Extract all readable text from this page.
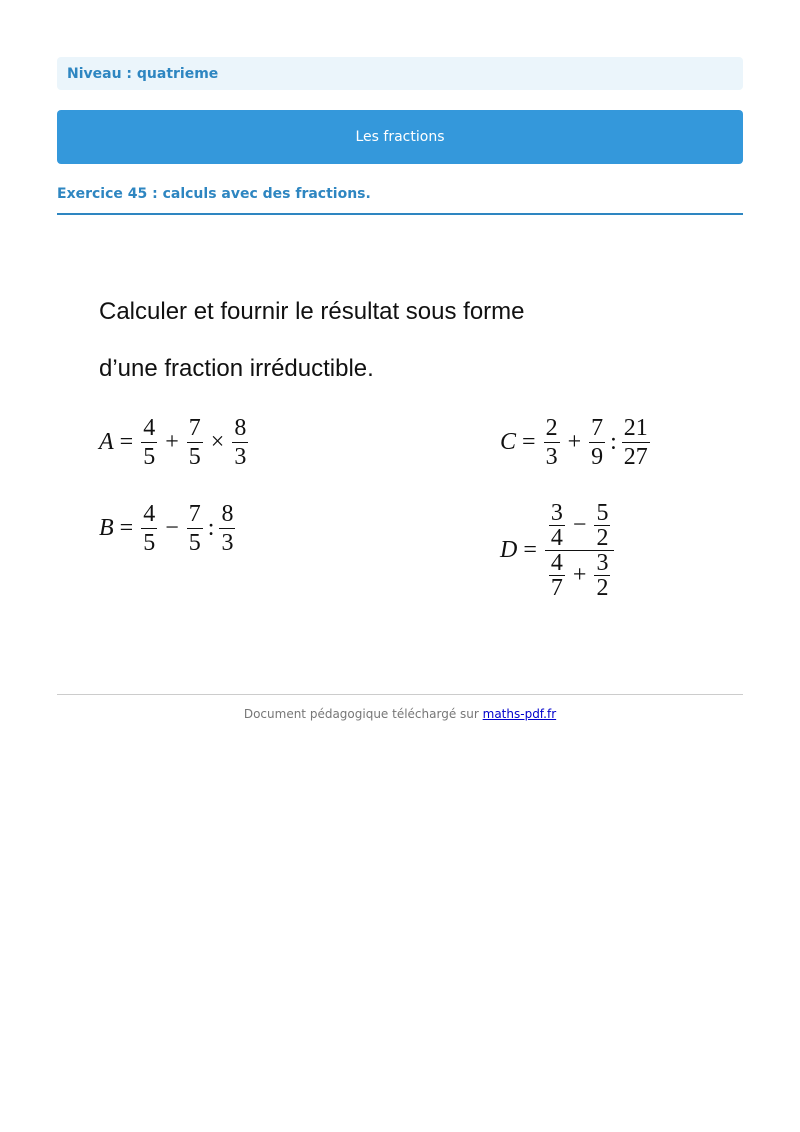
Niveau : quatrieme
Les fractions
Exercice 45 : calculs avec des fractions.
Calculer et fournir le résultat sous forme
d’une fraction irréductible.
$A = \frac{4}{5} + \frac{7}{5} \times \frac{8}{3}$
$B = \frac{4}{5} - \frac{7}{5}$ : $\frac{8}{3}$
$C = \frac{2}{3} + \frac{7}{9}$ : $\frac{21}{27}$
D =
$\frac{3}{4} - \frac{5}{2}$
$\frac{4}{7} + \frac{3}{2}$
Document pédagogique téléchargé sur maths-pdf.fr
